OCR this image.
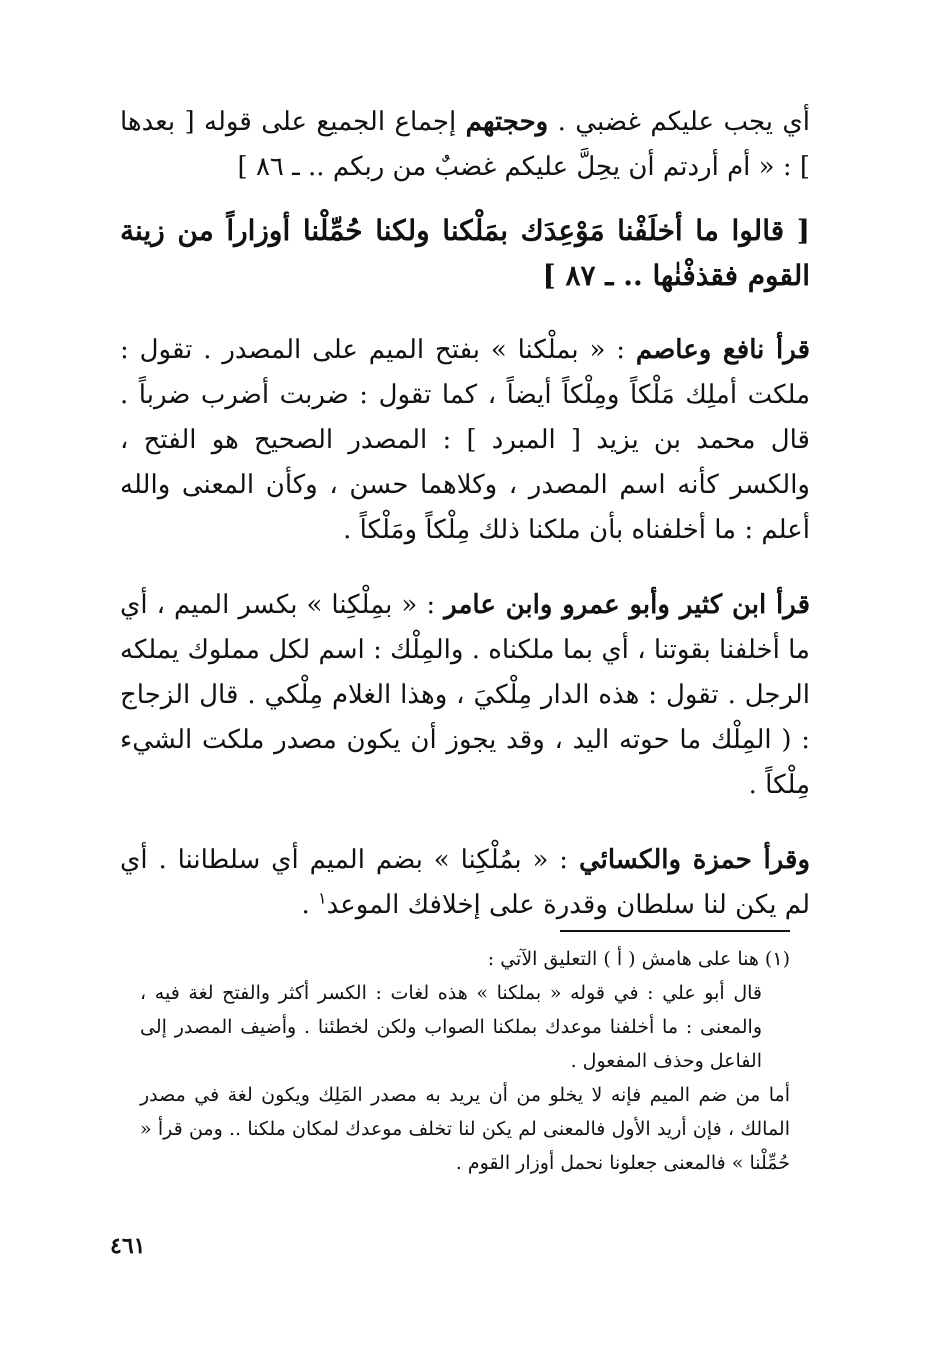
أي يجب عليكم غضبي . وحجتهم إجماع الجميع على قوله [ بعدها ] : « أم أردتم أن يحِلَّ عليكم غضبٌ من ربكم .. ـ ٨٦ ]

[ قالوا ما أخلَفْنا مَوْعِدَك بمَلْكنا ولكنا حُمِّلْنا أوزاراً من زينة القوم فقذفْنٰها .. ـ ٨٧ ]

قرأ نافع وعاصم : « بملْكنا » بفتح الميم على المصدر . تقول : ملكت أملِك مَلْكاً ومِلْكاً أيضاً ، كما تقول : ضربت أضرب ضرباً . قال محمد بن يزيد [ المبرد ] : المصدر الصحيح هو الفتح ، والكسر كأنه اسم المصدر ، وكلاهما حسن ، وكأن المعنى والله أعلم : ما أخلفناه بأن ملكنا ذلك مِلْكاً ومَلْكاً .

قرأ ابن كثير وأبو عمرو وابن عامر : « بمِلْكِنا » بكسر الميم ، أي ما أخلفنا بقوتنا ، أي بما ملكناه . والمِلْك : اسم لكل مملوك يملكه الرجل . تقول : هذه الدار مِلْكيَ ، وهذا الغلام مِلْكي . قال الزجاج : ( المِلْك ما حوته اليد ، وقد يجوز أن يكون مصدر ملكت الشيء مِلْكاً .

وقرأ حمزة والكسائي : « بمُلْكِنا » بضم الميم أي سلطاننا . أي لم يكن لنا سلطان وقدرة على إخلافك الموعد$^١$ .

(١) هنا على هامش ( أ ) التعليق الآتي :

قال أبو علي : في قوله « بملكنا » هذه لغات : الكسر أكثر والفتح لغة فيه ، والمعنى : ما أخلفنا موعدك بملكنا الصواب ولكن لخطئنا . وأضيف المصدر إلى الفاعل وحذف المفعول .

أما من ضم الميم فإنه لا يخلو من أن يريد به مصدر المَلِك ويكون لغة في مصدر المالك ، فإن أريد الأول فالمعنى لم يكن لنا تخلف موعدك لمكان ملكنا .. ومن قرأ « حُمِّلْنا » فالمعنى جعلونا نحمل أوزار القوم .

٤٦١
